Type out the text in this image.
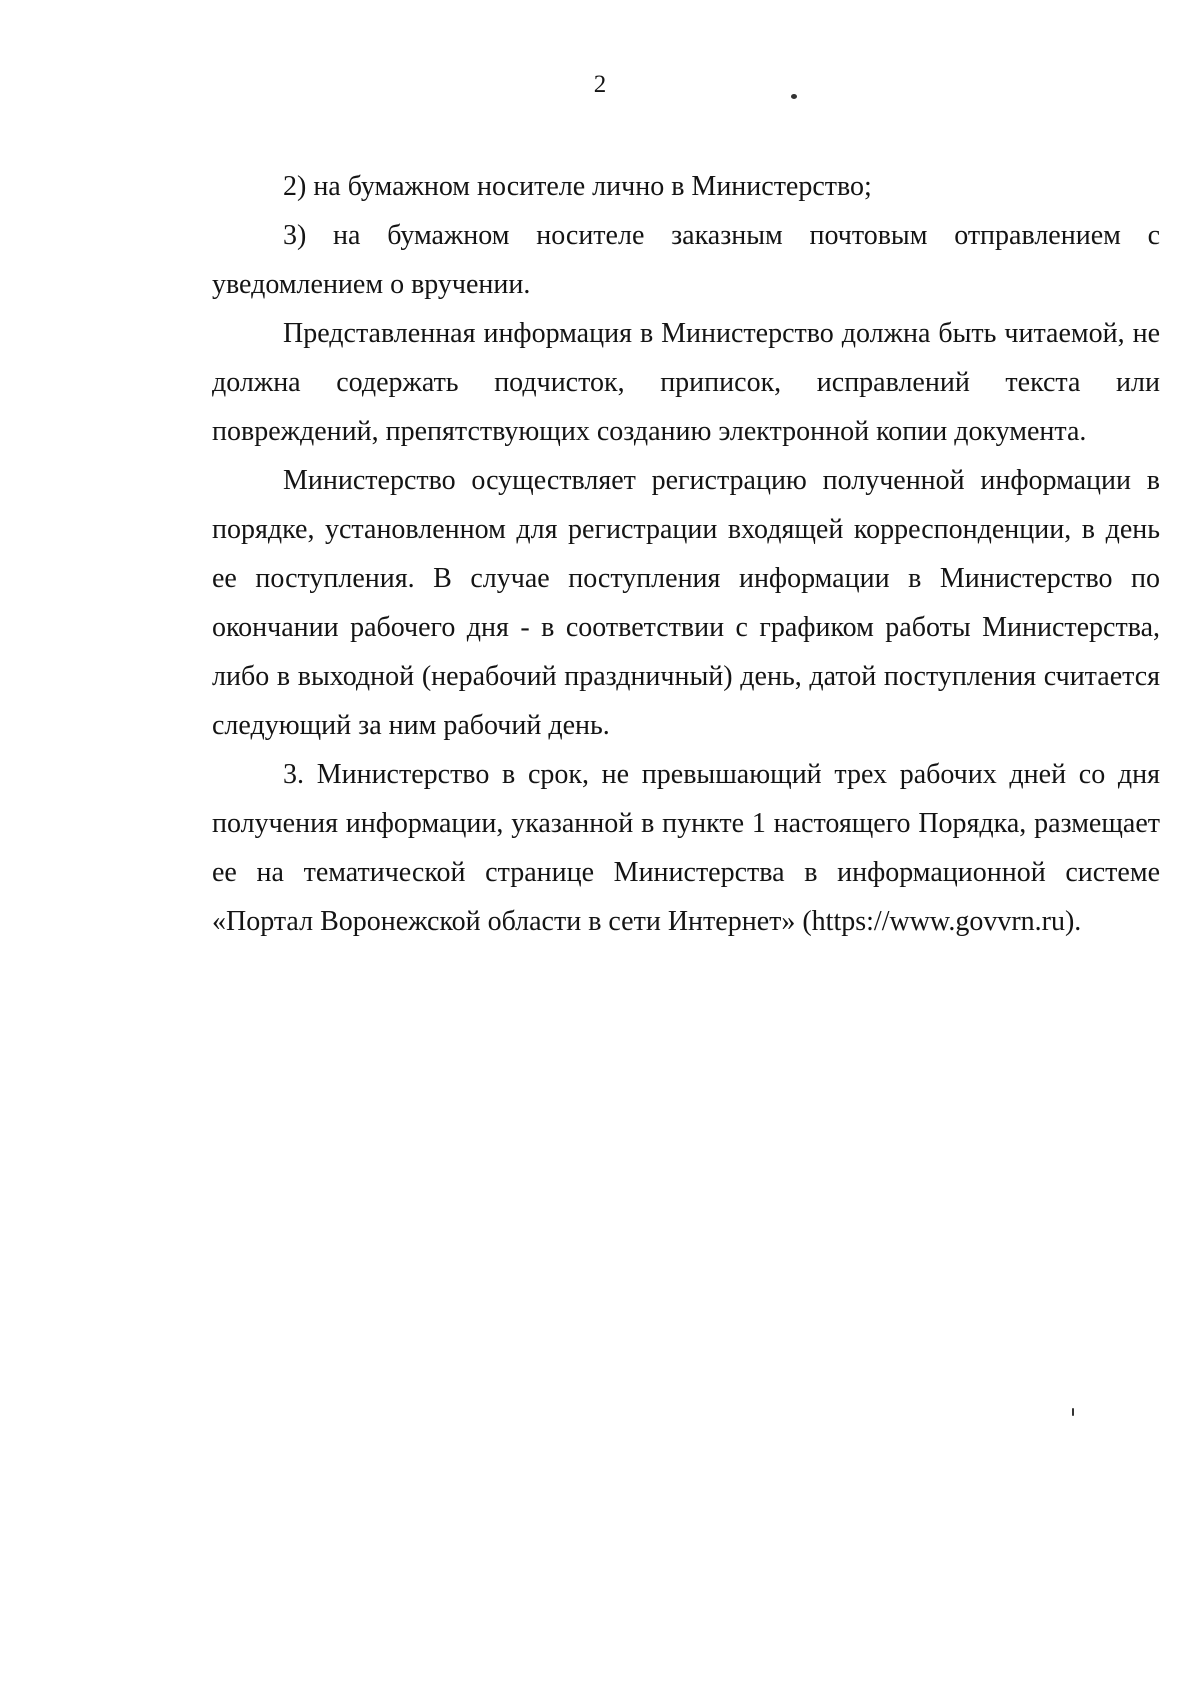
2

2) на бумажном носителе лично в Министерство;

3) на бумажном носителе заказным почтовым отправлением с уведомлением о вручении.

Представленная информация в Министерство должна быть читаемой, не должна содержать подчисток, приписок, исправлений текста или повреждений, препятствующих созданию электронной копии документа.

Министерство осуществляет регистрацию полученной информации в порядке, установленном для регистрации входящей корреспонденции, в день ее поступления. В случае поступления информации в Министерство по окончании рабочего дня - в соответствии с графиком работы Министерства, либо в выходной (нерабочий праздничный) день, датой поступления считается следующий за ним рабочий день.

3. Министерство в срок, не превышающий трех рабочих дней со дня получения информации, указанной в пункте 1 настоящего Порядка, размещает ее на тематической странице Министерства в информационной системе «Портал Воронежской области в сети Интернет» (https://www.govvrn.ru).
